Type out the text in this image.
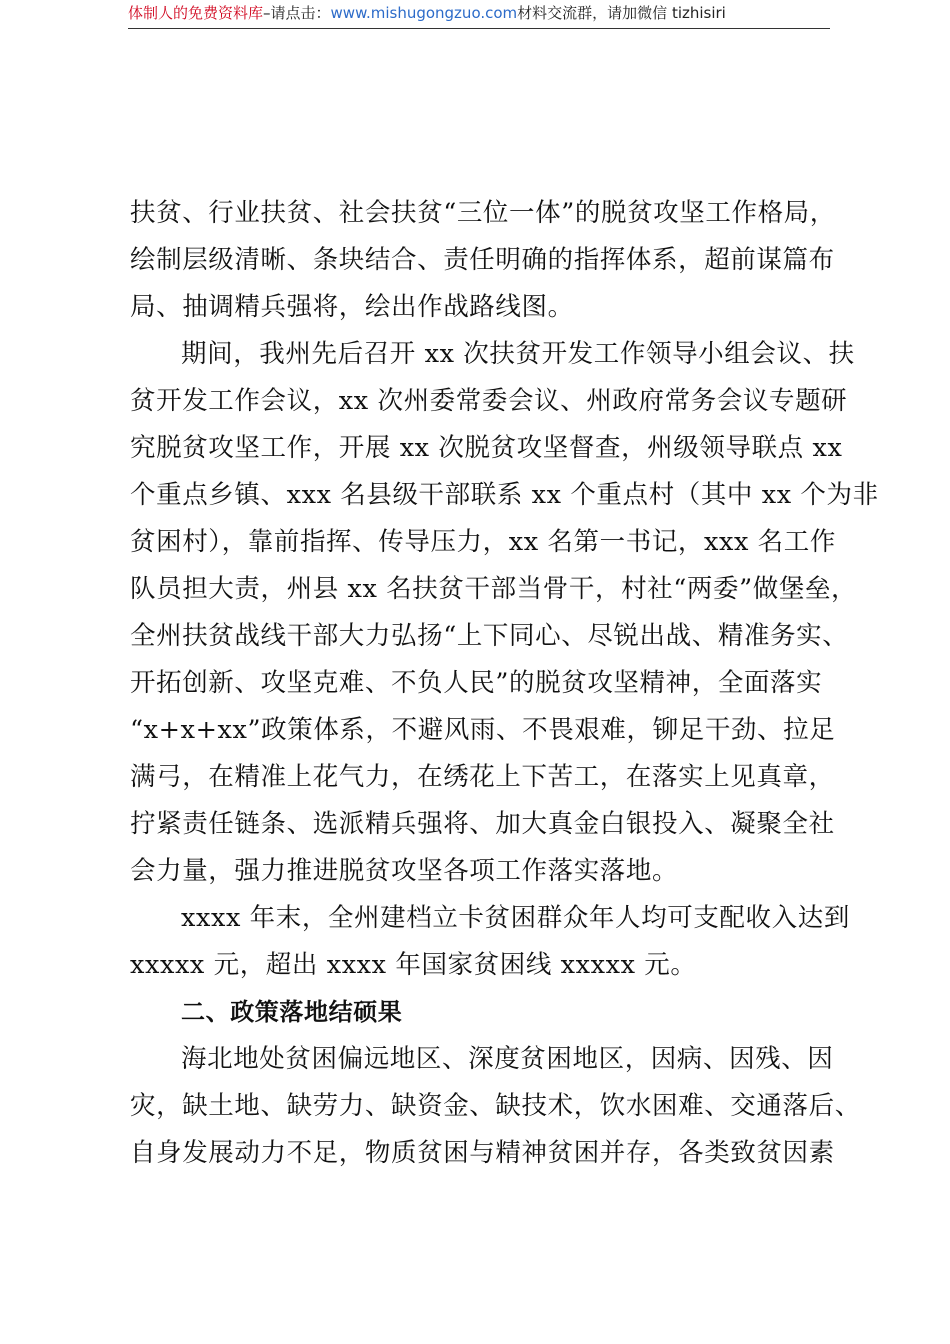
体制人的免费资料库–请点击：www.mishugongzuo.com材料交流群，请加微信 tizhisiri
扶贫、行业扶贫、社会扶贫“三位一体”的脱贫攻坚工作格局，
绘制层级清晰、条块结合、责任明确的指挥体系，超前谋篇布
局、抽调精兵强将，绘出作战路线图。
期间，我州先后召开 xx 次扶贫开发工作领导小组会议、扶
贫开发工作会议，xx 次州委常委会议、州政府常务会议专题研
究脱贫攻坚工作，开展 xx 次脱贫攻坚督查，州级领导联点 xx
个重点乡镇、xxx 名县级干部联系 xx 个重点村（其中 xx 个为非
贫困村），靠前指挥、传导压力，xx 名第一书记，xxx 名工作
队员担大责，州县 xx 名扶贫干部当骨干，村社“两委”做堡垒，
全州扶贫战线干部大力弘扬“上下同心、尽锐出战、精准务实、
开拓创新、攻坚克难、不负人民”的脱贫攻坚精神，全面落实
“x+x+xx”政策体系，不避风雨、不畏艰难，铆足干劲、拉足
满弓，在精准上花气力，在绣花上下苦工，在落实上见真章，
拧紧责任链条、选派精兵强将、加大真金白银投入、凝聚全社
会力量，强力推进脱贫攻坚各项工作落实落地。
xxxx 年末，全州建档立卡贫困群众年人均可支配收入达到
xxxxx 元，超出 xxxx 年国家贫困线 xxxxx 元。
二、政策落地结硕果
海北地处贫困偏远地区、深度贫困地区，因病、因残、因
灾，缺土地、缺劳力、缺资金、缺技术，饮水困难、交通落后、
自身发展动力不足，物质贫困与精神贫困并存，各类致贫因素
